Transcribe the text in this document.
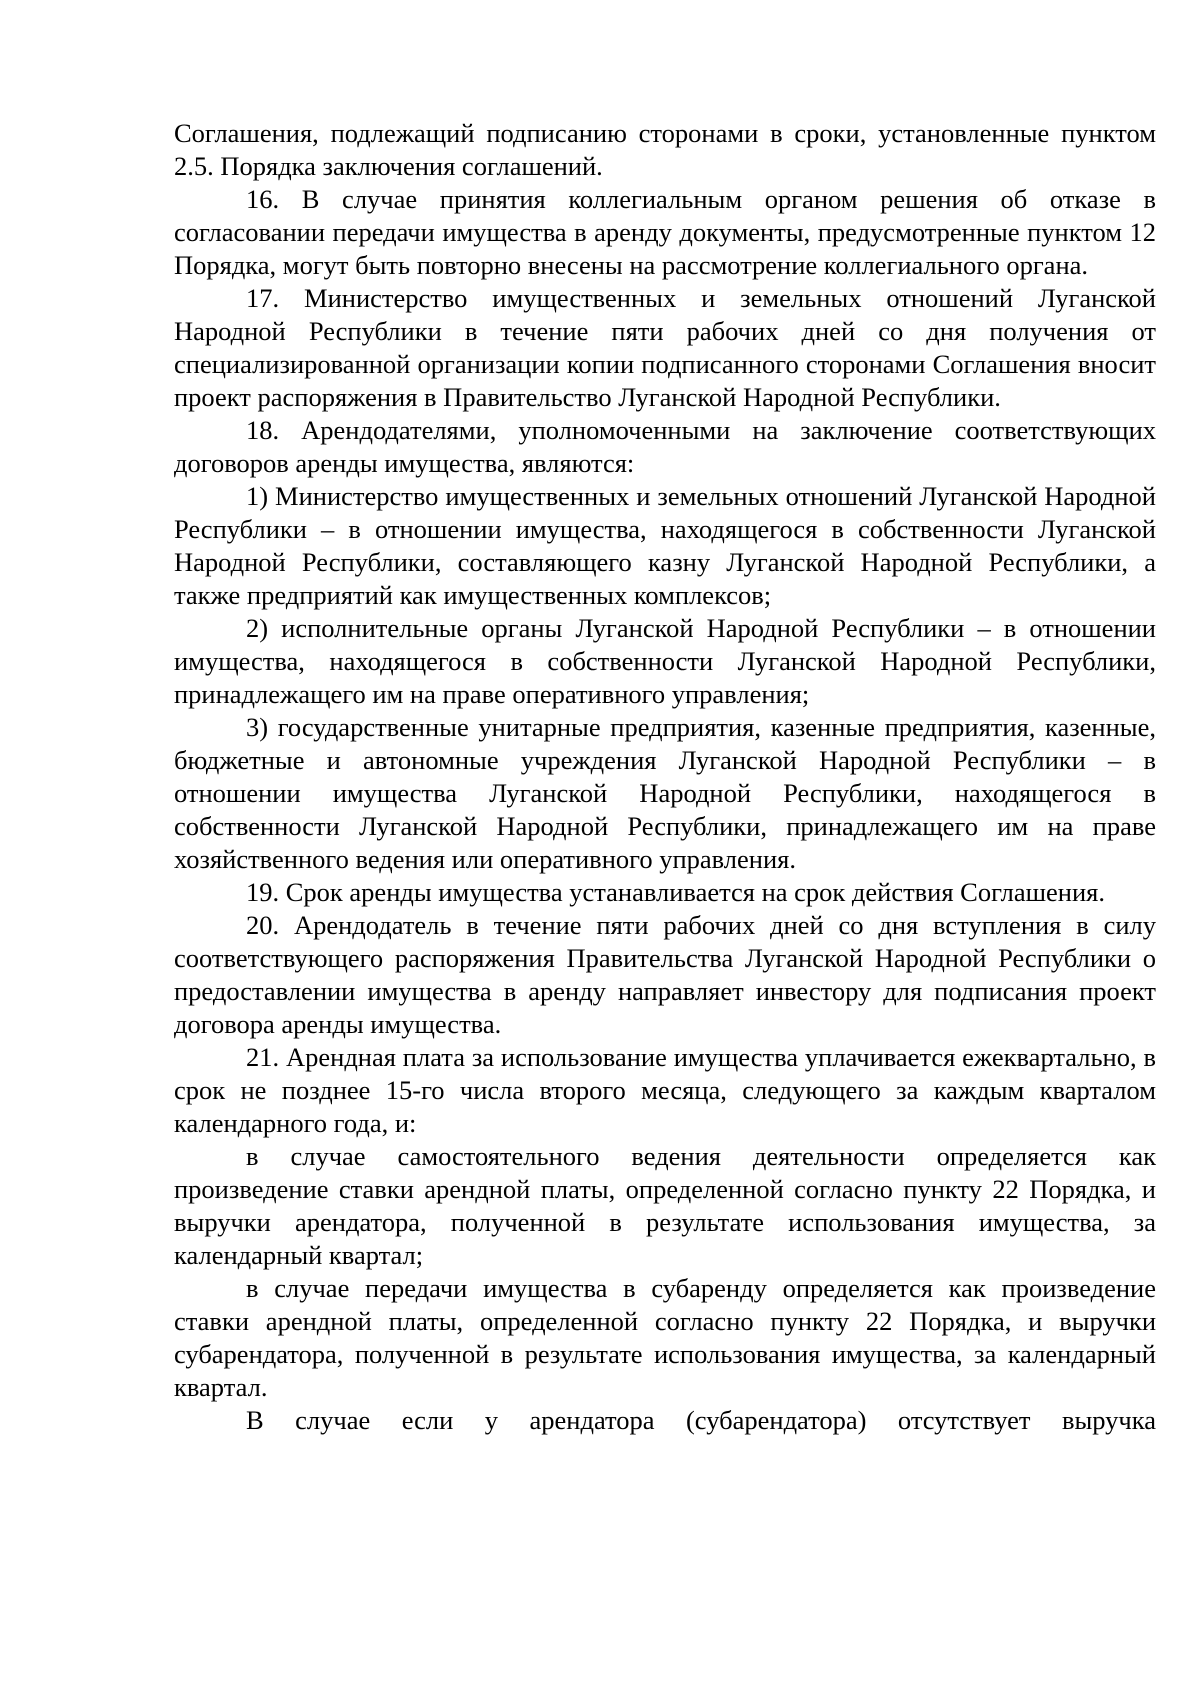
Соглашения, подлежащий подписанию сторонами в сроки, установленные пунктом 2.5. Порядка заключения соглашений.

16. В случае принятия коллегиальным органом решения об отказе в согласовании передачи имущества в аренду документы, предусмотренные пунктом 12 Порядка, могут быть повторно внесены на рассмотрение коллегиального органа.

17. Министерство имущественных и земельных отношений Луганской Народной Республики в течение пяти рабочих дней со дня получения от специализированной организации копии подписанного сторонами Соглашения вносит проект распоряжения в Правительство Луганской Народной Республики.

18. Арендодателями, уполномоченными на заключение соответствующих договоров аренды имущества, являются:

1) Министерство имущественных и земельных отношений Луганской Народной Республики – в отношении имущества, находящегося в собственности Луганской Народной Республики, составляющего казну Луганской Народной Республики, а также предприятий как имущественных комплексов;

2) исполнительные органы Луганской Народной Республики – в отношении имущества, находящегося в собственности Луганской Народной Республики, принадлежащего им на праве оперативного управления;

3) государственные унитарные предприятия, казенные предприятия, казенные, бюджетные и автономные учреждения Луганской Народной Республики – в отношении имущества Луганской Народной Республики, находящегося в собственности Луганской Народной Республики, принадлежащего им на праве хозяйственного ведения или оперативного управления.

19. Срок аренды имущества устанавливается на срок действия Соглашения.

20. Арендодатель в течение пяти рабочих дней со дня вступления в силу соответствующего распоряжения Правительства Луганской Народной Республики о предоставлении имущества в аренду направляет инвестору для подписания проект договора аренды имущества.

21. Арендная плата за использование имущества уплачивается ежеквартально, в срок не позднее 15-го числа второго месяца, следующего за каждым кварталом календарного года, и:

в случае самостоятельного ведения деятельности определяется как произведение ставки арендной платы, определенной согласно пункту 22 Порядка, и выручки арендатора, полученной в результате использования имущества, за календарный квартал;

в случае передачи имущества в субаренду определяется как произведение ставки арендной платы, определенной согласно пункту 22 Порядка, и выручки субарендатора, полученной в результате использования имущества, за календарный квартал.

В случае если у арендатора (субарендатора) отсутствует выручка
